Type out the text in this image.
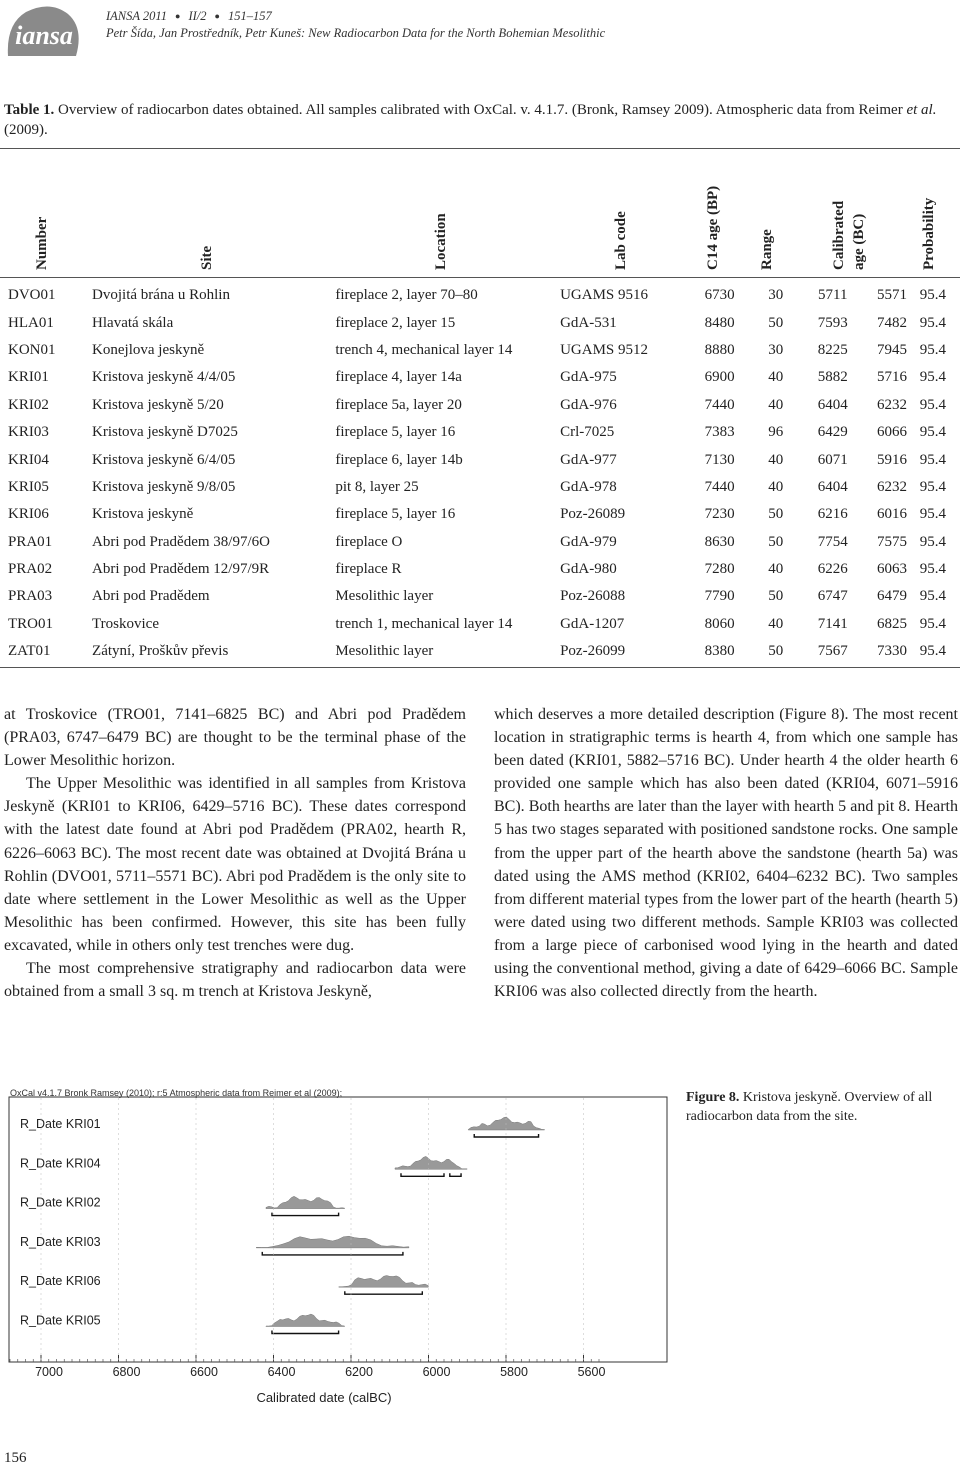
iansa
IANSA 2011 ● II/2 ● 151–157
Petr Šída, Jan Prostředník, Petr Kuneš: New Radiocarbon Data for the North Bohemian Mesolithic
Table 1. Overview of radiocarbon dates obtained. All samples calibrated with OxCal. v. 4.1.7. (Bronk, Ramsey 2009). Atmospheric data from Reimer et al. (2009).
Number	Site	Location	Lab code	C14 age (BP)	Range	Calibrated age (BC)	Probability
DVO01	Dvojitá brána u Rohlin	fireplace 2, layer 70–80	UGAMS 9516	6730	30	5711	5571	95.4
HLA01	Hlavatá skála	fireplace 2, layer 15	GdA-531	8480	50	7593	7482	95.4
KON01	Konejlova jeskyně	trench 4, mechanical layer 14	UGAMS 9512	8880	30	8225	7945	95.4
KRI01	Kristova jeskyně 4/4/05	fireplace 4, layer 14a	GdA-975	6900	40	5882	5716	95.4
KRI02	Kristova jeskyně 5/20	fireplace 5a, layer 20	GdA-976	7440	40	6404	6232	95.4
KRI03	Kristova jeskyně D7025	fireplace 5, layer 16	Crl-7025	7383	96	6429	6066	95.4
KRI04	Kristova jeskyně 6/4/05	fireplace 6, layer 14b	GdA-977	7130	40	6071	5916	95.4
KRI05	Kristova jeskyně 9/8/05	pit 8, layer 25	GdA-978	7440	40	6404	6232	95.4
KRI06	Kristova jeskyně	fireplace 5, layer 16	Poz-26089	7230	50	6216	6016	95.4
PRA01	Abri pod Pradědem 38/97/6O	fireplace O	GdA-979	8630	50	7754	7575	95.4
PRA02	Abri pod Pradědem 12/97/9R	fireplace R	GdA-980	7280	40	6226	6063	95.4
PRA03	Abri pod Pradědem	Mesolithic layer	Poz-26088	7790	50	6747	6479	95.4
TRO01	Troskovice	trench 1, mechanical layer 14	GdA-1207	8060	40	7141	6825	95.4
ZAT01	Zátyní, Proškův převis	Mesolithic layer	Poz-26099	8380	50	7567	7330	95.4

at Troskovice (TRO01, 7141–6825 BC) and Abri pod Pradědem (PRA03, 6747–6479 BC) are thought to be the terminal phase of the Lower Mesolithic horizon.

The Upper Mesolithic was identified in all samples from Kristova Jeskyně (KRI01 to KRI06, 6429–5716 BC). These dates correspond with the latest date found at Abri pod Pradědem (PRA02, hearth R, 6226–6063 BC). The most recent date was obtained at Dvojitá Brána u Rohlin (DVO01, 5711–5571 BC). Abri pod Pradědem is the only site to date where settlement in the Lower Mesolithic as well as the Upper Mesolithic has been confirmed. However, this site has been fully excavated, while in others only test trenches were dug.

The most comprehensive stratigraphy and radiocarbon data were obtained from a small 3 sq. m trench at Kristova Jeskyně,

which deserves a more detailed description (Figure 8). The most recent location in stratigraphic terms is hearth 4, from which one sample has been dated (KRI01, 5882–5716 BC). Under hearth 4 the older hearth 6 provided one sample which has also been dated (KRI04, 6071–5916 BC). Both hearths are later than the layer with hearth 5 and pit 8. Hearth 5 has two stages separated with positioned sandstone rocks. One sample from the upper part of the hearth above the sandstone (hearth 5a) was dated using the AMS method (KRI02, 6404–6232 BC). Two samples from different material types from the lower part of the hearth (hearth 5) were dated using two different methods. Sample KRI03 was collected from a large piece of carbonised wood lying in the hearth and dated using the conventional method, giving a date of 6429–6066 BC. Sample KRI06 was also collected directly from the hearth.

OxCal v4.1.7 Bronk Ramsey (2010); r:5 Atmospheric data from Reimer et al (2009);
R_Date KRI01
R_Date KRI04
R_Date KRI02
R_Date KRI03
R_Date KRI06
R_Date KRI05
7000	6800	6600	6400	6200	6000	5800	5600
Calibrated date (calBC)
Figure 8. Kristova jeskyně. Overview of all radiocarbon data from the site.
156
